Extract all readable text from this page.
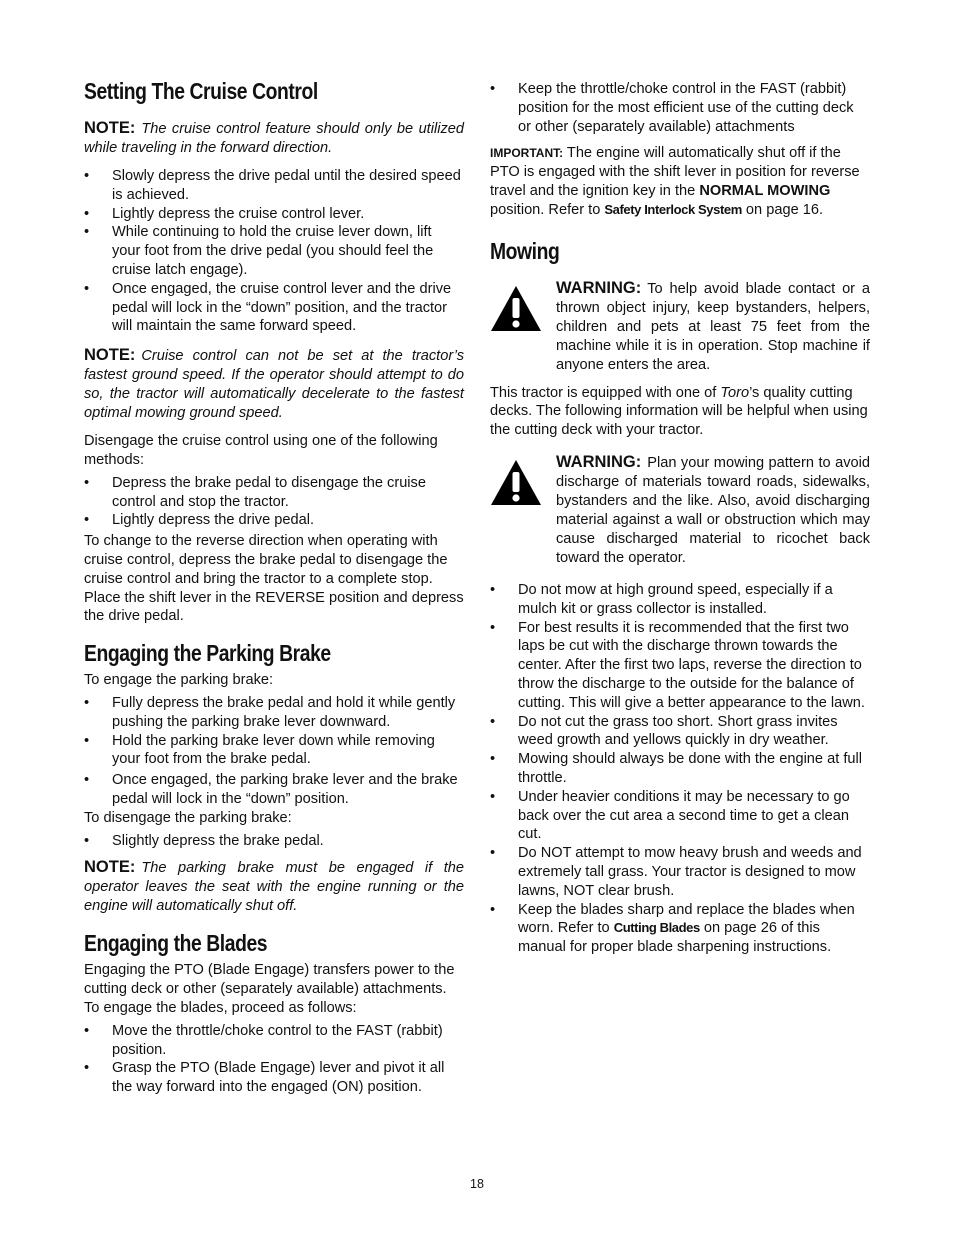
Setting The Cruise Control

NOTE: The cruise control feature should only be utilized while traveling in the forward direction.

• Slowly depress the drive pedal until the desired speed is achieved.
• Lightly depress the cruise control lever.
• While continuing to hold the cruise lever down, lift your foot from the drive pedal (you should feel the cruise latch engage).
• Once engaged, the cruise control lever and the drive pedal will lock in the “down” position, and the tractor will maintain the same forward speed.

NOTE: Cruise control can not be set at the tractor’s fastest ground speed. If the operator should attempt to do so, the tractor will automatically decelerate to the fastest optimal mowing ground speed.

Disengage the cruise control using one of the following methods:

• Depress the brake pedal to disengage the cruise control and stop the tractor.
• Lightly depress the drive pedal.

To change to the reverse direction when operating with cruise control, depress the brake pedal to disengage the cruise control and bring the tractor to a complete stop. Place the shift lever in the REVERSE position and depress the drive pedal.

Engaging the Parking Brake

To engage the parking brake:

• Fully depress the brake pedal and hold it while gently pushing the parking brake lever downward.
• Hold the parking brake lever down while removing your foot from the brake pedal.
• Once engaged, the parking brake lever and the brake pedal will lock in the “down” position.

To disengage the parking brake:

• Slightly depress the brake pedal.

NOTE: The parking brake must be engaged if the operator leaves the seat with the engine running or the engine will automatically shut off.

Engaging the Blades

Engaging the PTO (Blade Engage) transfers power to the cutting deck or other (separately available) attachments. To engage the blades, proceed as follows:

• Move the throttle/choke control to the FAST (rabbit) position.
• Grasp the PTO (Blade Engage) lever and pivot it all the way forward into the engaged (ON) position.
• Keep the throttle/choke control in the FAST (rabbit) position for the most efficient use of the cutting deck or other (separately available) attachments

IMPORTANT: The engine will automatically shut off if the PTO is engaged with the shift lever in position for reverse travel and the ignition key in the NORMAL MOWING position. Refer to Safety Interlock System on page 16.

Mowing
WARNING: To help avoid blade contact or a thrown object injury, keep bystanders, helpers, children and pets at least 75 feet from the machine while it is in operation. Stop machine if anyone enters the area.

This tractor is equipped with one of Toro’s quality cutting decks. The following information will be helpful when using the cutting deck with your tractor.

WARNING: Plan your mowing pattern to avoid discharge of materials toward roads, sidewalks, bystanders and the like. Also, avoid discharging material against a wall or obstruction which may cause discharged material to ricochet back toward the operator.
• Do not mow at high ground speed, especially if a mulch kit or grass collector is installed.
• For best results it is recommended that the first two laps be cut with the discharge thrown towards the center. After the first two laps, reverse the direction to throw the discharge to the outside for the balance of cutting. This will give a better appearance to the lawn.
• Do not cut the grass too short. Short grass invites weed growth and yellows quickly in dry weather.
• Mowing should always be done with the engine at full throttle.
• Under heavier conditions it may be necessary to go back over the cut area a second time to get a clean cut.
• Do NOT attempt to mow heavy brush and weeds and extremely tall grass. Your tractor is designed to mow lawns, NOT clear brush.
• Keep the blades sharp and replace the blades when worn. Refer to Cutting Blades on page 26 of this manual for proper blade sharpening instructions.
18
